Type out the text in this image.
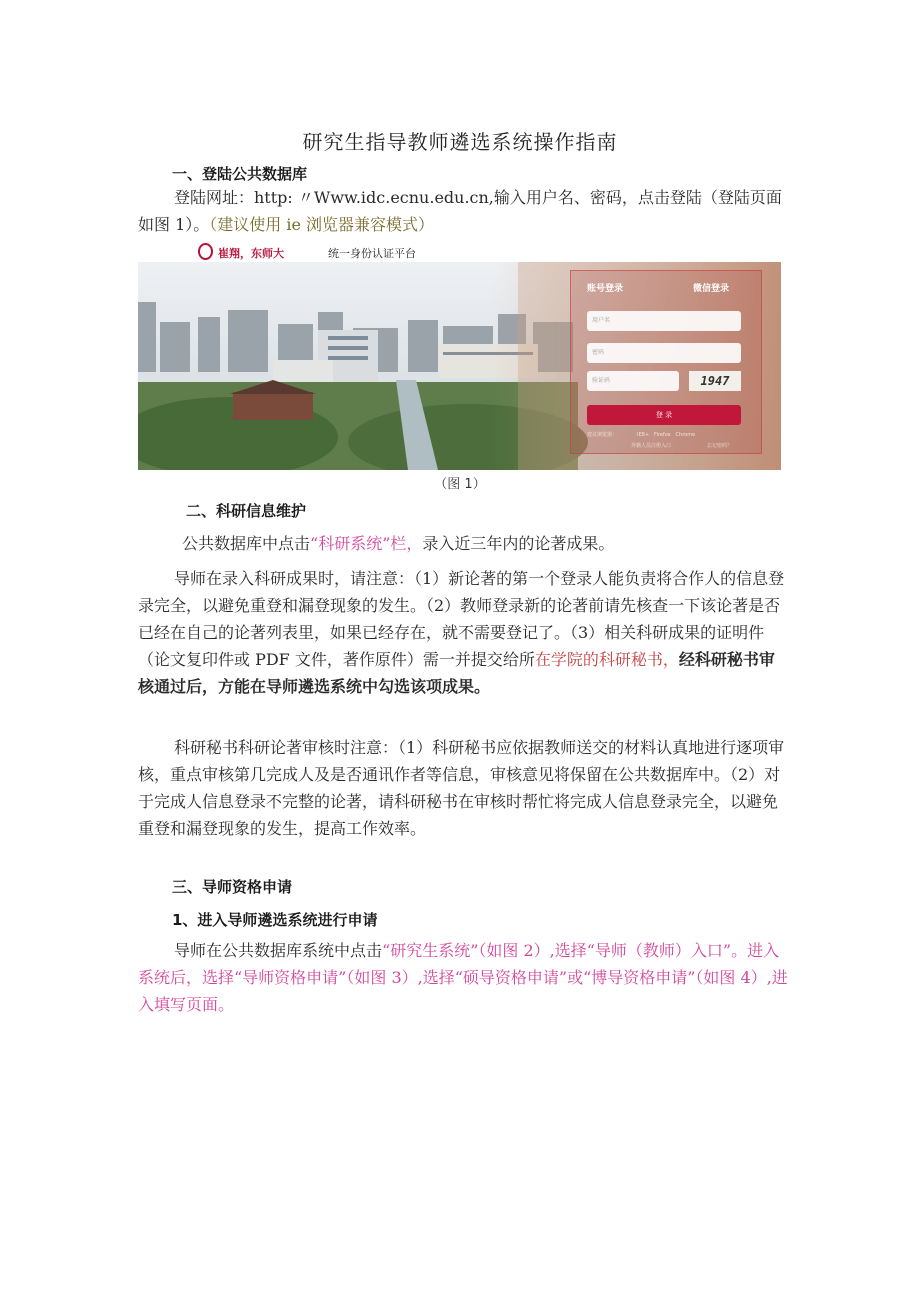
研究生指导教师遴选系统操作指南
一、登陆公共数据库

登陆网址：http: 〃Www.idc.ecnu.edu.cn,输入用户名、密码，点击登陆（登陆页面如图 1）。（建议使用 ie 浏览器兼容模式）

崔翔，东师大	统一身份认证平台
账号登录	微信登录
用户名
密码
验证码	1947
登 录
建议浏览器：	IE8+　Firefox　Chrome
外籍人员注册入口	忘记密码？
（图 1）
二、科研信息维护

公共数据库中点击“科研系统”栏，录入近三年内的论著成果。

导师在录入科研成果时，请注意：（1）新论著的第一个登录人能负责将合作人的信息登录完全，以避免重登和漏登现象的发生。（2）教师登录新的论著前请先核查一下该论著是否已经在自己的论著列表里，如果已经存在，就不需要登记了。（3）相关科研成果的证明件（论文复印件或 PDF 文件，著作原件）需一并提交给所在学院的科研秘书，经科研秘书审核通过后，方能在导师遴选系统中勾选该项成果。

科研秘书科研论著审核时注意：（1）科研秘书应依据教师送交的材料认真地进行逐项审核，重点审核第几完成人及是否通讯作者等信息，审核意见将保留在公共数据库中。（2）对于完成人信息登录不完整的论著，请科研秘书在审核时帮忙将完成人信息登录完全，以避免重登和漏登现象的发生，提高工作效率。

三、导师资格申请
1、进入导师遴选系统进行申请

导师在公共数据库系统中点击“研究生系统”（如图 2）,选择“导师（教师）入口”。进入系统后，选择“导师资格申请”（如图 3）,选择“硕导资格申请”或“博导资格申请”（如图 4）,进入填写页面。
